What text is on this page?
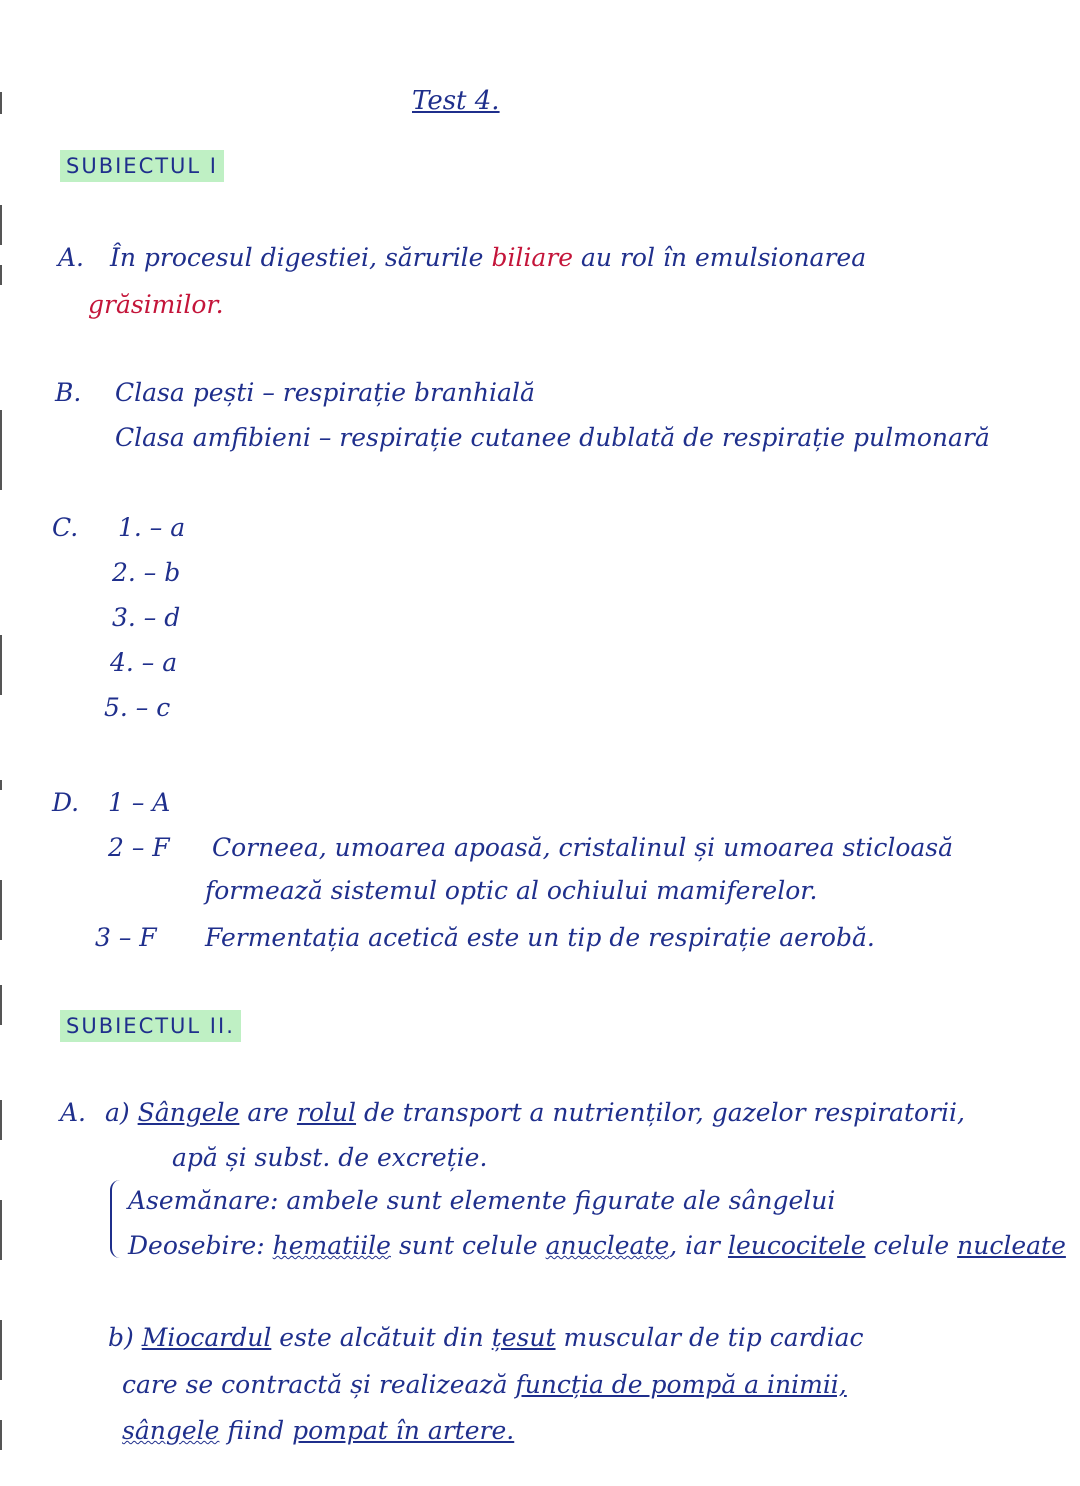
Test 4.
SUBIECTUL I
A. În procesul digestiei, sărurile biliare au rol în emulsionarea
grăsimilor.
B. Clasa pești – respirație branhială
Clasa amfibieni – respirație cutanee dublată de respirație pulmonară
C. 1. – a
2. – b
3. – d
4. – a
5. – c
D. 1 – A
2 – F Corneea, umoarea apoasă, cristalinul și umoarea sticloasă
formează sistemul optic al ochiului mamiferelor.
3 – F Fermentația acetică este un tip de respirație aerobă.
SUBIECTUL II.
A. a) Sângele are rolul de transport a nutrienților, gazelor respiratorii,
apă și subst. de excreție.
Asemănare: ambele sunt elemente figurate ale sângelui
Deosebire: hematiile sunt celule anucleate, iar leucocitele celule nucleate
b) Miocardul este alcătuit din țesut muscular de tip cardiac
care se contractă și realizează funcția de pompă a inimii,
sângele fiind pompat în artere.
